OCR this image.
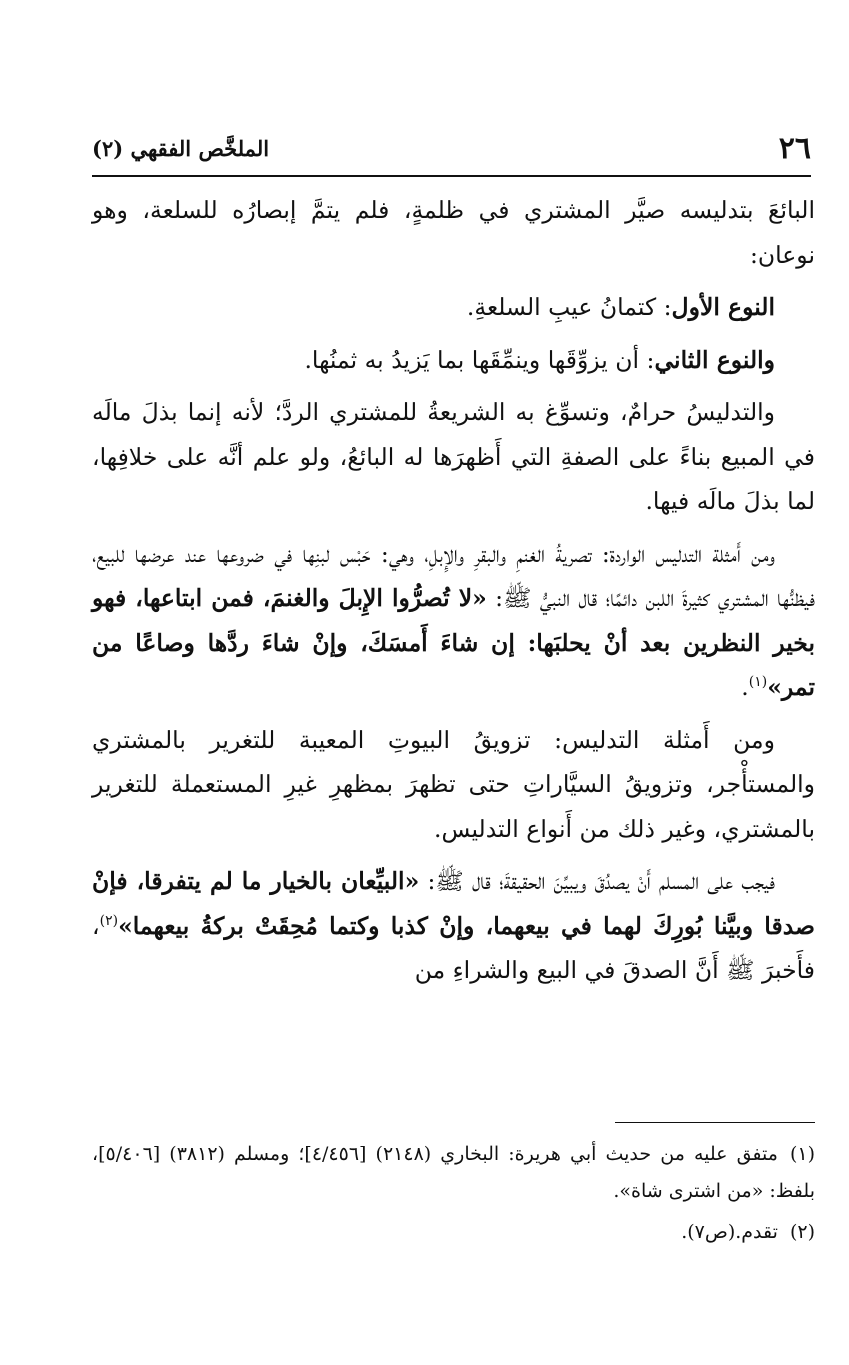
٢٦
الملخَّص الفقهي (٢)

البائعَ بتدليسه صيَّر المشتري في ظلمةٍ، فلم يتمَّ إبصارُه للسلعة، وهو نوعان:

النوع الأول: كتمانُ عيبِ السلعةِ.

والنوع الثاني: أن يزوِّقَها وينمِّقَها بما يَزيدُ به ثمنُها.

والتدليسُ حرامٌ، وتسوِّغ به الشريعةُ للمشتري الردَّ؛ لأنه إنما بذلَ مالَه في المبيع بناءً على الصفةِ التي أَظهرَها له البائعُ، ولو علم أنَّه على خلافِها، لما بذلَ مالَه فيها.

ومن أَمثلة التدليس الواردة: تصريةُ الغنمِ والبقرِ والإِبلِ، وهي: حَبْس لبنِها في ضروعها عند عرضها للبيع، فيظنُّها المشتري كثيرةَ اللبن دائمًا؛ قال النبيُّ ﷺ: «لا تُصرُّوا الإِبلَ والغنمَ، فمن ابتاعها، فهو بخير النظرين بعد أنْ يحلبَها: إن شاءَ أَمسَكَ، وإنْ شاءَ ردَّها وصاعًا من تمر»$^{(١)}$.

ومن أَمثلة التدليس: تزويقُ البيوتِ المعيبة للتغرير بالمشتري والمستأْجر، وتزويقُ السيَّاراتِ حتى تظهرَ بمظهرِ غيرِ المستعملة للتغرير بالمشتري، وغير ذلك من أَنواع التدليس.

فيجب على المسلم أَنْ يصدُقَ ويبيِّنَ الحقيقةَ؛ قال ﷺ: «البيِّعان بالخيار ما لم يتفرقا، فإنْ صدقا وبيَّنا بُورِكَ لهما في بيعهما، وإنْ كذبا وكتما مُحِقَتْ بركةُ بيعهما»$^{(٢)}$، فأَخبرَ ﷺ أَنَّ الصدقَ في البيع والشراءِ من

(١)متفق عليه من حديث أبي هريرة: البخاري (٢١٤٨) [٤/٤٥٦]؛ ومسلم (٣٨١٢) [٥/٤٠٦]، بلفظ: «من اشترى شاة».

(٢)تقدم.(ص٧).
